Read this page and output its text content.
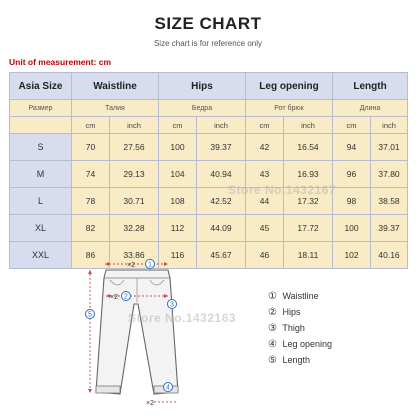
SIZE CHART
Size chart is for reference only
Unit of measurement: cm
Asia Size	Waistline		Hips		Leg opening		Length	
Размер	Талия		Бедра		Рот брюк		Длина	
	cm	inch	cm	inch	cm	inch	cm	inch
S	70	27.56	100	39.37	42	16.54	94	37.01
M	74	29.13	104	40.94	43	16.93	96	37.80
L	78	30.71	108	42.52	44	17.32	98	38.58
XL	82	32.28	112	44.09	45	17.72	100	39.37
XXL	86	33.86	116	45.67	46	18.11	102	40.16
Store No.1432167
×2 1
×2 2
3
5
×2
4
Store No.1432163
① Waistline
② Hips
③ Thigh
④ Leg opening
⑤ Length
